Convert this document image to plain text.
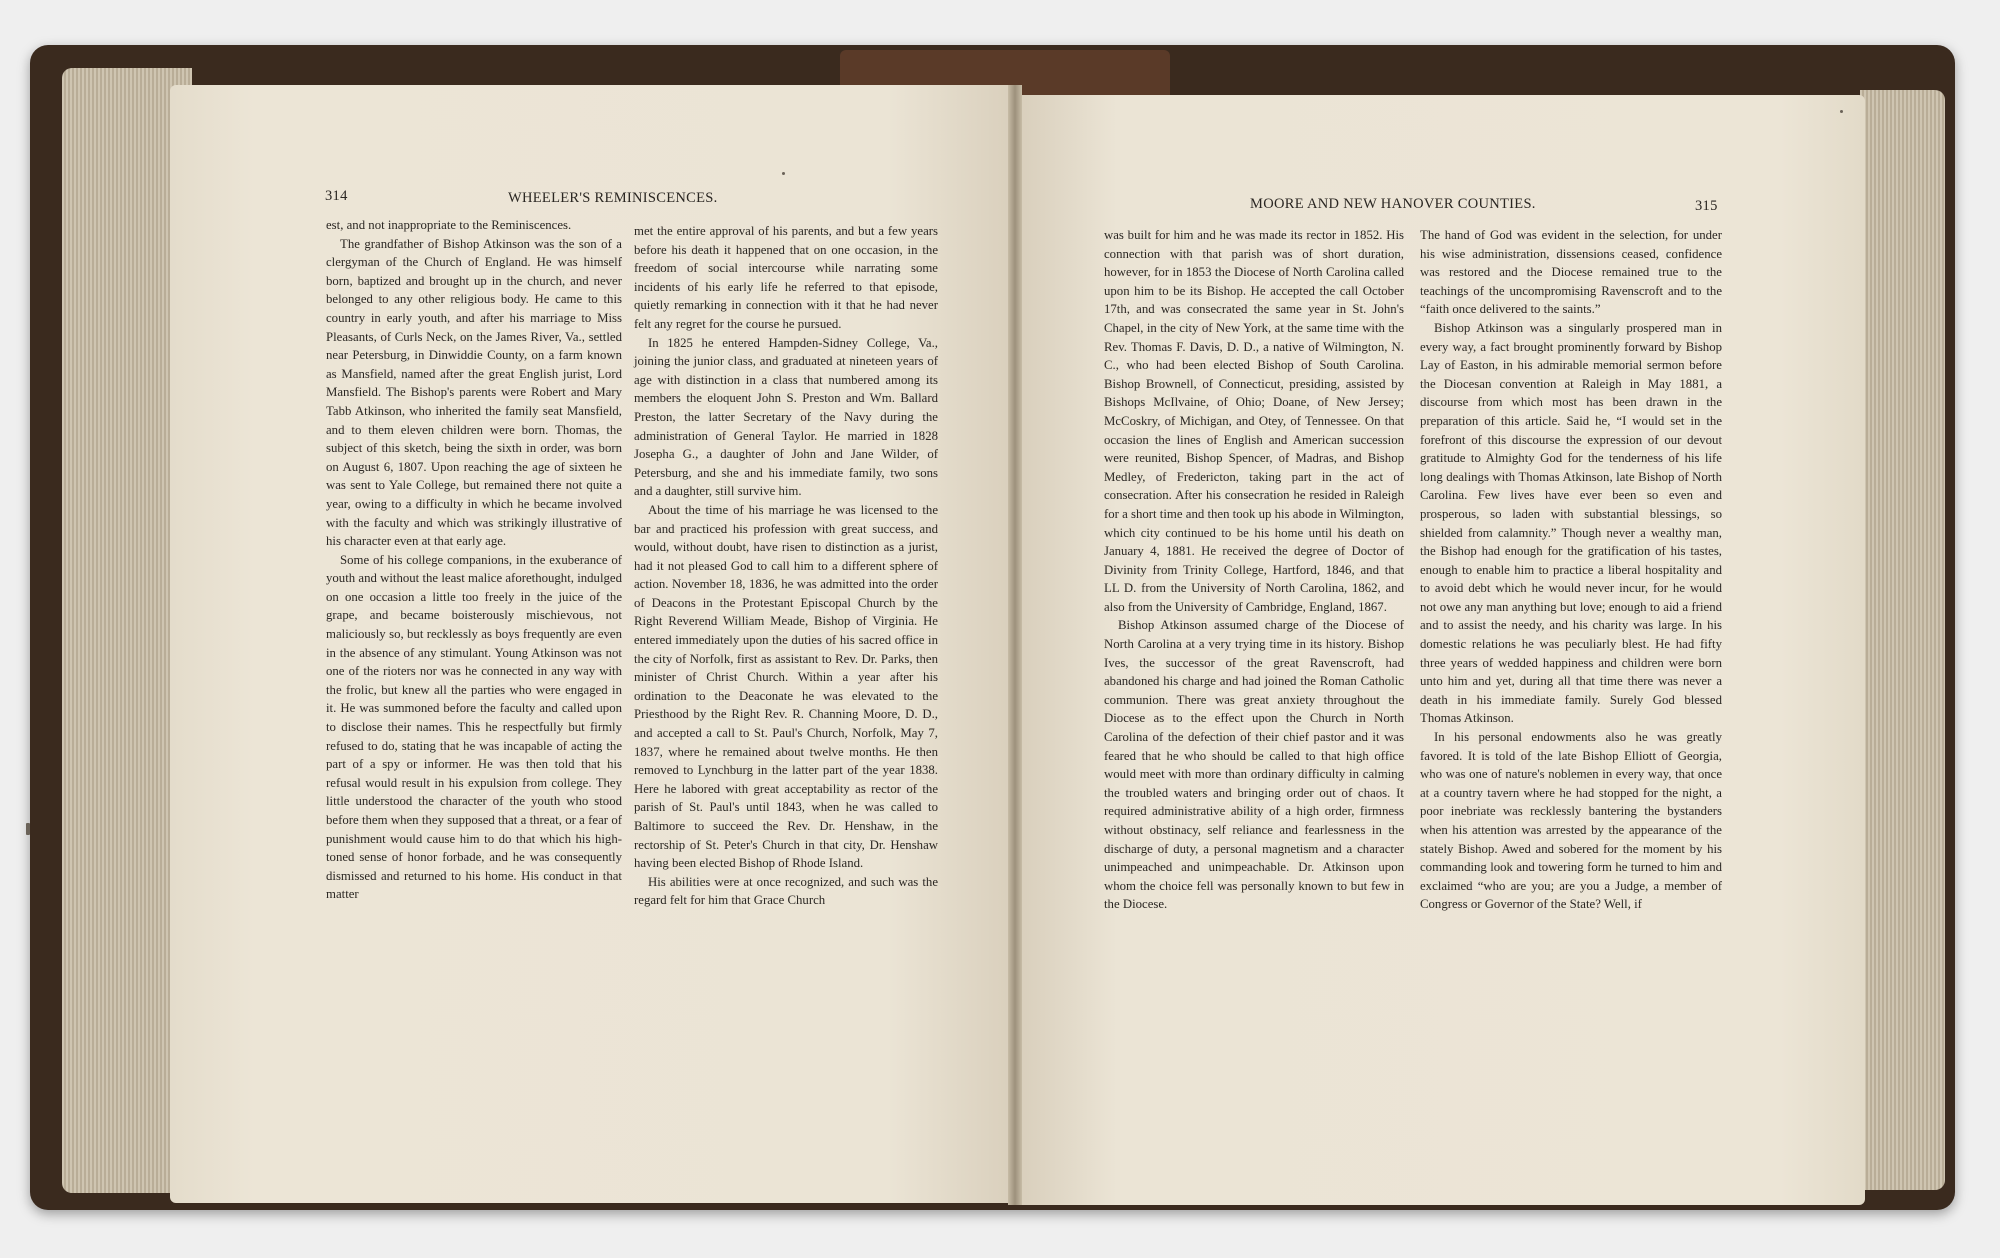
314	WHEELER'S REMINISCENCES.	MOORE AND NEW HANOVER COUNTIES.	315

est, and not inappropriate to the Reminiscences.

The grandfather of Bishop Atkinson was the son of a clergyman of the Church of England. He was himself born, baptized and brought up in the church, and never belonged to any other religious body. He came to this country in early youth, and after his marriage to Miss Pleasants, of Curls Neck, on the James River, Va., settled near Petersburg, in Dinwiddie County, on a farm known as Mansfield, named after the great English jurist, Lord Mansfield. The Bishop's parents were Robert and Mary Tabb Atkinson, who inherited the family seat Mansfield, and to them eleven children were born. Thomas, the subject of this sketch, being the sixth in order, was born on August 6, 1807. Upon reaching the age of sixteen he was sent to Yale College, but remained there not quite a year, owing to a difficulty in which he became involved with the faculty and which was strikingly illustrative of his character even at that early age.

Some of his college companions, in the exuberance of youth and without the least malice aforethought, indulged on one occasion a little too freely in the juice of the grape, and became boisterously mischievous, not maliciously so, but recklessly as boys frequently are even in the absence of any stimulant. Young Atkinson was not one of the rioters nor was he connected in any way with the frolic, but knew all the parties who were engaged in it. He was summoned before the faculty and called upon to disclose their names. This he respectfully but firmly refused to do, stating that he was incapable of acting the part of a spy or informer. He was then told that his refusal would result in his expulsion from college. They little understood the character of the youth who stood before them when they supposed that a threat, or a fear of punishment would cause him to do that which his high-toned sense of honor forbade, and he was consequently dismissed and returned to his home. His conduct in that matter

met the entire approval of his parents, and but a few years before his death it happened that on one occasion, in the freedom of social intercourse while narrating some incidents of his early life he referred to that episode, quietly remarking in connection with it that he had never felt any regret for the course he pursued.

In 1825 he entered Hampden-Sidney College, Va., joining the junior class, and graduated at nineteen years of age with distinction in a class that numbered among its members the eloquent John S. Preston and Wm. Ballard Preston, the latter Secretary of the Navy during the administration of General Taylor. He married in 1828 Josepha G., a daughter of John and Jane Wilder, of Petersburg, and she and his immediate family, two sons and a daughter, still survive him.

About the time of his marriage he was licensed to the bar and practiced his profession with great success, and would, without doubt, have risen to distinction as a jurist, had it not pleased God to call him to a different sphere of action. November 18, 1836, he was admitted into the order of Deacons in the Protestant Episcopal Church by the Right Reverend William Meade, Bishop of Virginia. He entered immediately upon the duties of his sacred office in the city of Norfolk, first as assistant to Rev. Dr. Parks, then minister of Christ Church. Within a year after his ordination to the Deaconate he was elevated to the Priesthood by the Right Rev. R. Channing Moore, D. D., and accepted a call to St. Paul's Church, Norfolk, May 7, 1837, where he remained about twelve months. He then removed to Lynchburg in the latter part of the year 1838. Here he labored with great acceptability as rector of the parish of St. Paul's until 1843, when he was called to Baltimore to succeed the Rev. Dr. Henshaw, in the rectorship of St. Peter's Church in that city, Dr. Henshaw having been elected Bishop of Rhode Island.

His abilities were at once recognized, and such was the regard felt for him that Grace Church

was built for him and he was made its rector in 1852. His connection with that parish was of short duration, however, for in 1853 the Diocese of North Carolina called upon him to be its Bishop. He accepted the call October 17th, and was consecrated the same year in St. John's Chapel, in the city of New York, at the same time with the Rev. Thomas F. Davis, D. D., a native of Wilmington, N. C., who had been elected Bishop of South Carolina. Bishop Brownell, of Connecticut, presiding, assisted by Bishops McIlvaine, of Ohio; Doane, of New Jersey; McCoskry, of Michigan, and Otey, of Tennessee. On that occasion the lines of English and American succession were reunited, Bishop Spencer, of Madras, and Bishop Medley, of Fredericton, taking part in the act of consecration. After his consecration he resided in Raleigh for a short time and then took up his abode in Wilmington, which city continued to be his home until his death on January 4, 1881. He received the degree of Doctor of Divinity from Trinity College, Hartford, 1846, and that LL D. from the University of North Carolina, 1862, and also from the University of Cambridge, England, 1867.

Bishop Atkinson assumed charge of the Diocese of North Carolina at a very trying time in its history. Bishop Ives, the successor of the great Ravenscroft, had abandoned his charge and had joined the Roman Catholic communion. There was great anxiety throughout the Diocese as to the effect upon the Church in North Carolina of the defection of their chief pastor and it was feared that he who should be called to that high office would meet with more than ordinary difficulty in calming the troubled waters and bringing order out of chaos. It required administrative ability of a high order, firmness without obstinacy, self reliance and fearlessness in the discharge of duty, a personal magnetism and a character unimpeached and unimpeachable. Dr. Atkinson upon whom the choice fell was personally known to but few in the Diocese.

The hand of God was evident in the selection, for under his wise administration, dissensions ceased, confidence was restored and the Diocese remained true to the teachings of the uncompromising Ravenscroft and to the “faith once delivered to the saints.”

Bishop Atkinson was a singularly prospered man in every way, a fact brought prominently forward by Bishop Lay of Easton, in his admirable memorial sermon before the Diocesan convention at Raleigh in May 1881, a discourse from which most has been drawn in the preparation of this article. Said he, “I would set in the forefront of this discourse the expression of our devout gratitude to Almighty God for the tenderness of his life long dealings with Thomas Atkinson, late Bishop of North Carolina. Few lives have ever been so even and prosperous, so laden with substantial blessings, so shielded from calamnity.” Though never a wealthy man, the Bishop had enough for the gratification of his tastes, enough to enable him to practice a liberal hospitality and to avoid debt which he would never incur, for he would not owe any man anything but love; enough to aid a friend and to assist the needy, and his charity was large. In his domestic relations he was peculiarly blest. He had fifty three years of wedded happiness and children were born unto him and yet, during all that time there was never a death in his immediate family. Surely God blessed Thomas Atkinson.

In his personal endowments also he was greatly favored. It is told of the late Bishop Elliott of Georgia, who was one of nature's noblemen in every way, that once at a country tavern where he had stopped for the night, a poor inebriate was recklessly bantering the bystanders when his attention was arrested by the appearance of the stately Bishop. Awed and sobered for the moment by his commanding look and towering form he turned to him and exclaimed “who are you; are you a Judge, a member of Congress or Governor of the State? Well, if
